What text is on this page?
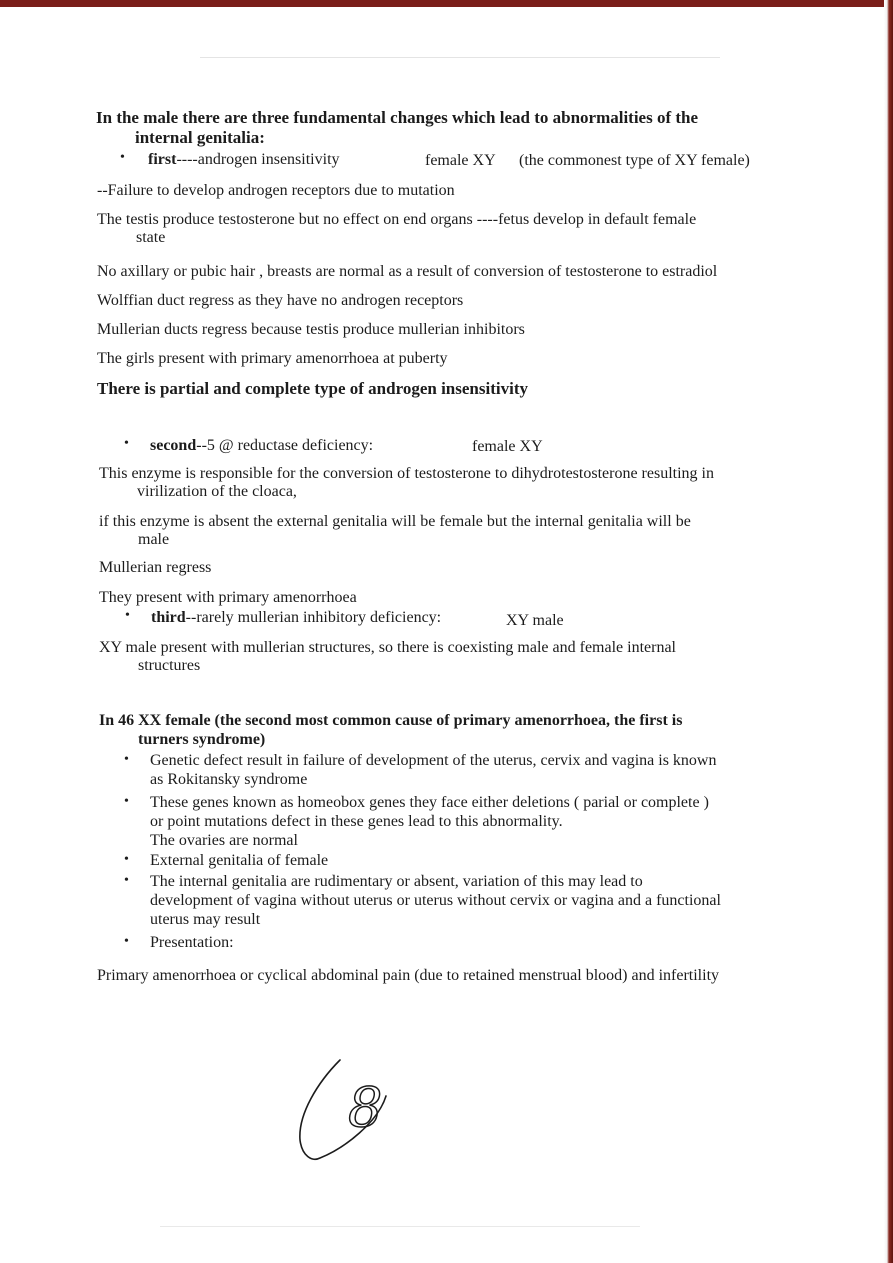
In the male there are three fundamental changes which lead to abnormalities of the
internal genitalia:
• first----androgen insensitivity	female XY (the commonest type of XY female)
--Failure to develop androgen receptors due to mutation
The testis produce testosterone but no effect on end organs ----fetus develop in default female
state
No axillary or pubic hair , breasts are normal as a result of conversion of testosterone to estradiol
Wolffian duct regress as they have no androgen receptors
Mullerian ducts regress because testis produce mullerian inhibitors
The girls present with primary amenorrhoea at puberty
There is partial and complete type of androgen insensitivity
• second--5 @ reductase deficiency:	female XY
This enzyme is responsible for the conversion of testosterone to dihydrotestosterone resulting in
virilization of the cloaca,
if this enzyme is absent the external genitalia will be female but the internal genitalia will be
male
Mullerian regress
They present with primary amenorrhoea
• third--rarely mullerian inhibitory deficiency:	XY male
XY male present with mullerian structures, so there is coexisting male and female internal
structures
In 46 XX female (the second most common cause of primary amenorrhoea, the first is
turners syndrome)
• Genetic defect result in failure of development of the uterus, cervix and vagina is known
as Rokitansky syndrome
• These genes known as homeobox genes they face either deletions ( parial or complete )
or point mutations defect in these genes lead to this abnormality.
The ovaries are normal
• External genitalia of female
• The internal genitalia are rudimentary or absent, variation of this may lead to
development of vagina without uterus or uterus without cervix or vagina and a functional
uterus may result
• Presentation:
Primary amenorrhoea or cyclical abdominal pain (due to retained menstrual blood) and infertility
8
